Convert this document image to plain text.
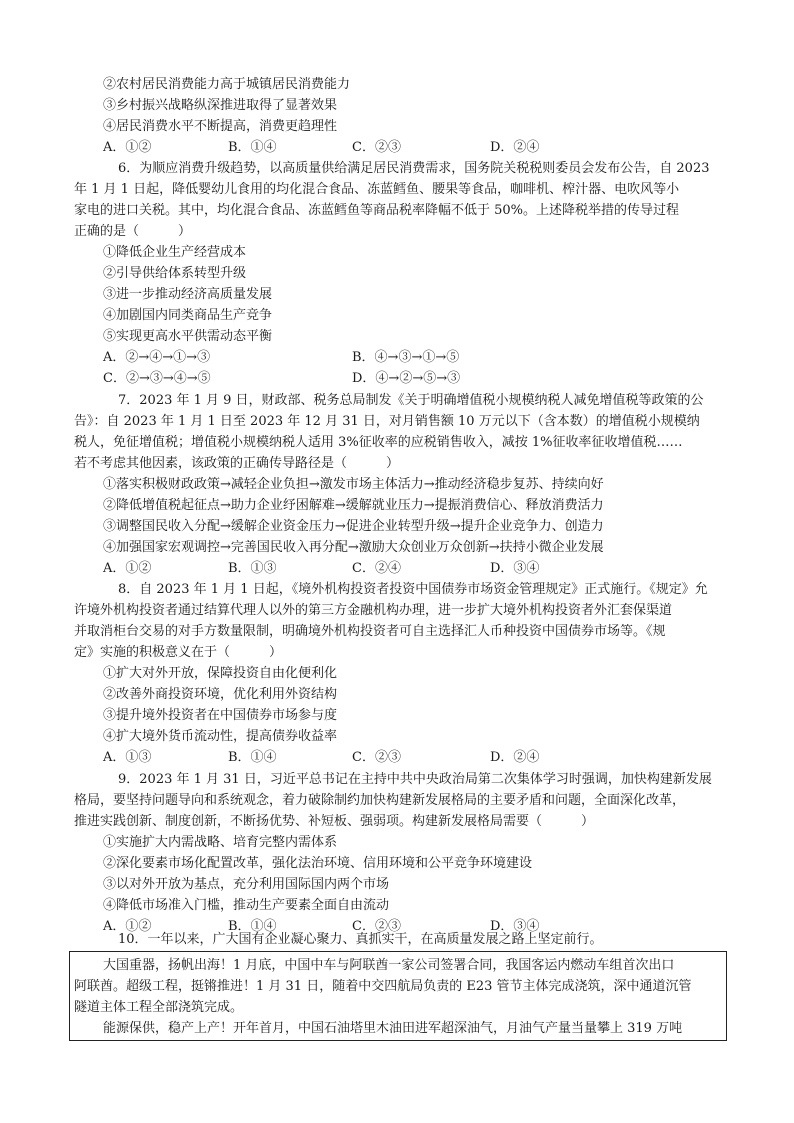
②农村居民消费能力高于城镇居民消费能力
③乡村振兴战略纵深推进取得了显著效果
④居民消费水平不断提高，消费更趋理性
A．①②	B．①④	C．②③	D．②④
6．为顺应消费升级趋势，以高质量供给满足居民消费需求，国务院关税税则委员会发布公告，自 2023
年 1 月 1 日起，降低婴幼儿食用的均化混合食品、冻蓝鳕鱼、腰果等食品，咖啡机、榨汁器、电吹风等小
家电的进口关税。其中，均化混合食品、冻蓝鳕鱼等商品税率降幅不低于 50%。上述降税举措的传导过程
正确的是（　　　）
①降低企业生产经营成本
②引导供给体系转型升级
③进一步推动经济高质量发展
④加剧国内同类商品生产竞争
⑤实现更高水平供需动态平衡
A．②→④→①→③	B．④→③→①→⑤
C．②→③→④→⑤	D．④→②→⑤→③
7．2023 年 1 月 9 日，财政部、税务总局制发《关于明确增值税小规模纳税人减免增值税等政策的公
告》：自 2023 年 1 月 1 日至 2023 年 12 月 31 日，对月销售额 10 万元以下（含本数）的增值税小规模纳
税人，免征增值税；增值税小规模纳税人适用 3%征收率的应税销售收入，减按 1%征收率征收增值税……
若不考虑其他因素，该政策的正确传导路径是（　　　）
①落实积极财政政策→减轻企业负担→激发市场主体活力→推动经济稳步复苏、持续向好
②降低增值税起征点→助力企业纾困解难→缓解就业压力→提振消费信心、释放消费活力
③调整国民收入分配→缓解企业资金压力→促进企业转型升级→提升企业竞争力、创造力
④加强国家宏观调控→完善国民收入再分配→激励大众创业万众创新→扶持小微企业发展
A．①②	B．①③	C．②④	D．③④
8．自 2023 年 1 月 1 日起，《境外机构投资者投资中国债券市场资金管理规定》正式施行。《规定》允
许境外机构投资者通过结算代理人以外的第三方金融机构办理，进一步扩大境外机构投资者外汇套保渠道
并取消柜台交易的对手方数量限制，明确境外机构投资者可自主选择汇人币种投资中国债券市场等。《规
定》实施的积极意义在于（　　　）
①扩大对外开放，保障投资自由化便利化
②改善外商投资环境，优化利用外资结构
③提升境外投资者在中国债券市场参与度
④扩大境外货币流动性，提高债券收益率
A．①③	B．①④	C．②③	D．②④
9．2023 年 1 月 31 日，习近平总书记在主持中共中央政治局第二次集体学习时强调，加快构建新发展
格局，要坚持问题导向和系统观念，着力破除制约加快构建新发展格局的主要矛盾和问题，全面深化改革，
推进实践创新、制度创新，不断扬优势、补短板、强弱项。构建新发展格局需要（　　　）
①实施扩大内需战略、培育完整内需体系
②深化要素市场化配置改革，强化法治环境、信用环境和公平竞争环境建设
③以对外开放为基点，充分利用国际国内两个市场
④降低市场准入门槛，推动生产要素全面自由流动
A．①②	B．①④	C．②③	D．③④
10．一年以来，广大国有企业凝心聚力、真抓实干，在高质量发展之路上坚定前行。
大国重器，扬帆出海！1 月底，中国中车与阿联酋一家公司签署合同，我国客运内燃动车组首次出口
阿联酋。超级工程，挺锵推进！1 月 31 日，随着中交四航局负责的 E23 管节主体完成浇筑，深中通道沉管
隧道主体工程全部浇筑完成。
能源保供，稳产上产！开年首月，中国石油塔里木油田进军超深油气，月油气产量当量攀上 319 万吨
